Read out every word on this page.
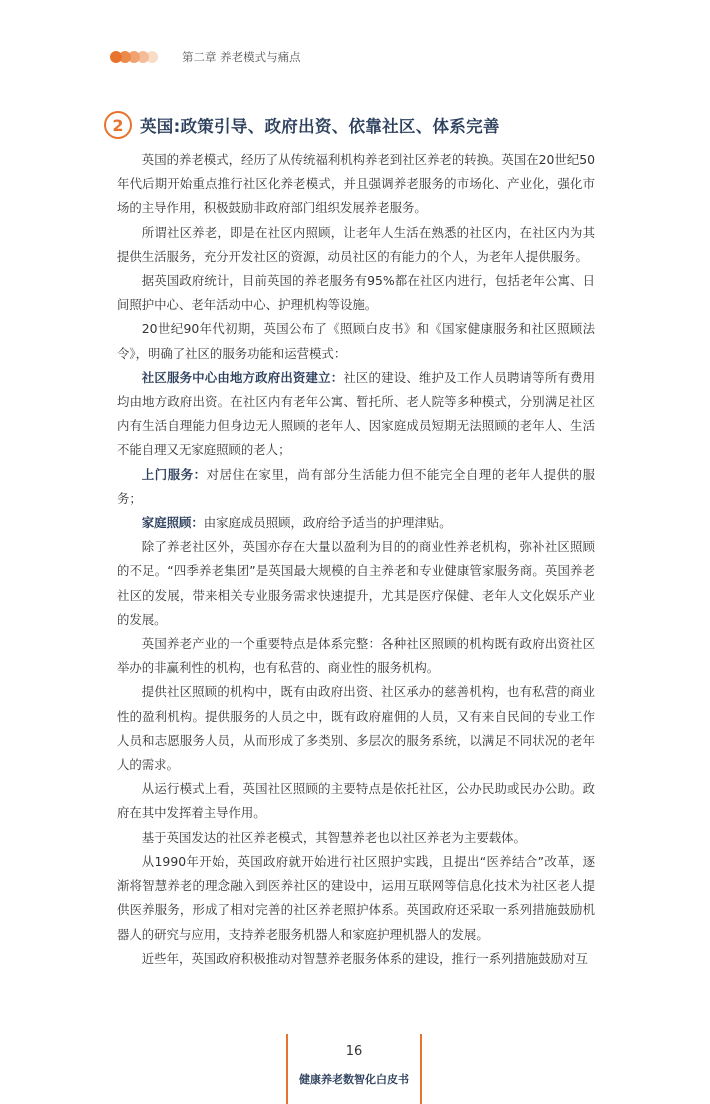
第二章 养老模式与痛点
2 英国:政策引导、政府出资、依靠社区、体系完善

英国的养老模式，经历了从传统福利机构养老到社区养老的转换。英国在20世纪50年代后期开始重点推行社区化养老模式，并且强调养老服务的市场化、产业化，强化市场的主导作用，积极鼓励非政府部门组织发展养老服务。

所谓社区养老，即是在社区内照顾，让老年人生活在熟悉的社区内，在社区内为其提供生活服务，充分开发社区的资源，动员社区的有能力的个人，为老年人提供服务。

据英国政府统计，目前英国的养老服务有95%都在社区内进行，包括老年公寓、日间照护中心、老年活动中心、护理机构等设施。

20世纪90年代初期，英国公布了《照顾白皮书》和《国家健康服务和社区照顾法令》，明确了社区的服务功能和运营模式：

社区服务中心由地方政府出资建立：社区的建设、维护及工作人员聘请等所有费用均由地方政府出资。在社区内有老年公寓、暂托所、老人院等多种模式，分别满足社区内有生活自理能力但身边无人照顾的老年人、因家庭成员短期无法照顾的老年人、生活不能自理又无家庭照顾的老人；

上门服务：对居住在家里，尚有部分生活能力但不能完全自理的老年人提供的服务；

家庭照顾：由家庭成员照顾，政府给予适当的护理津贴。

除了养老社区外，英国亦存在大量以盈利为目的的商业性养老机构，弥补社区照顾的不足。“四季养老集团”是英国最大规模的自主养老和专业健康管家服务商。英国养老社区的发展，带来相关专业服务需求快速提升，尤其是医疗保健、老年人文化娱乐产业的发展。

英国养老产业的一个重要特点是体系完整：各种社区照顾的机构既有政府出资社区举办的非赢利性的机构，也有私营的、商业性的服务机构。

提供社区照顾的机构中，既有由政府出资、社区承办的慈善机构，也有私营的商业性的盈利机构。提供服务的人员之中，既有政府雇佣的人员，又有来自民间的专业工作人员和志愿服务人员，从而形成了多类别、多层次的服务系统，以满足不同状况的老年人的需求。

从运行模式上看，英国社区照顾的主要特点是依托社区，公办民助或民办公助。政府在其中发挥着主导作用。

基于英国发达的社区养老模式，其智慧养老也以社区养老为主要载体。

从1990年开始，英国政府就开始进行社区照护实践，且提出“医养结合”改革，逐渐将智慧养老的理念融入到医养社区的建设中，运用互联网等信息化技术为社区老人提供医养服务，形成了相对完善的社区养老照护体系。英国政府还采取一系列措施鼓励机器人的研究与应用，支持养老服务机器人和家庭护理机器人的发展。

近些年，英国政府积极推动对智慧养老服务体系的建设，推行一系列措施鼓励对互

16
健康养老数智化白皮书
